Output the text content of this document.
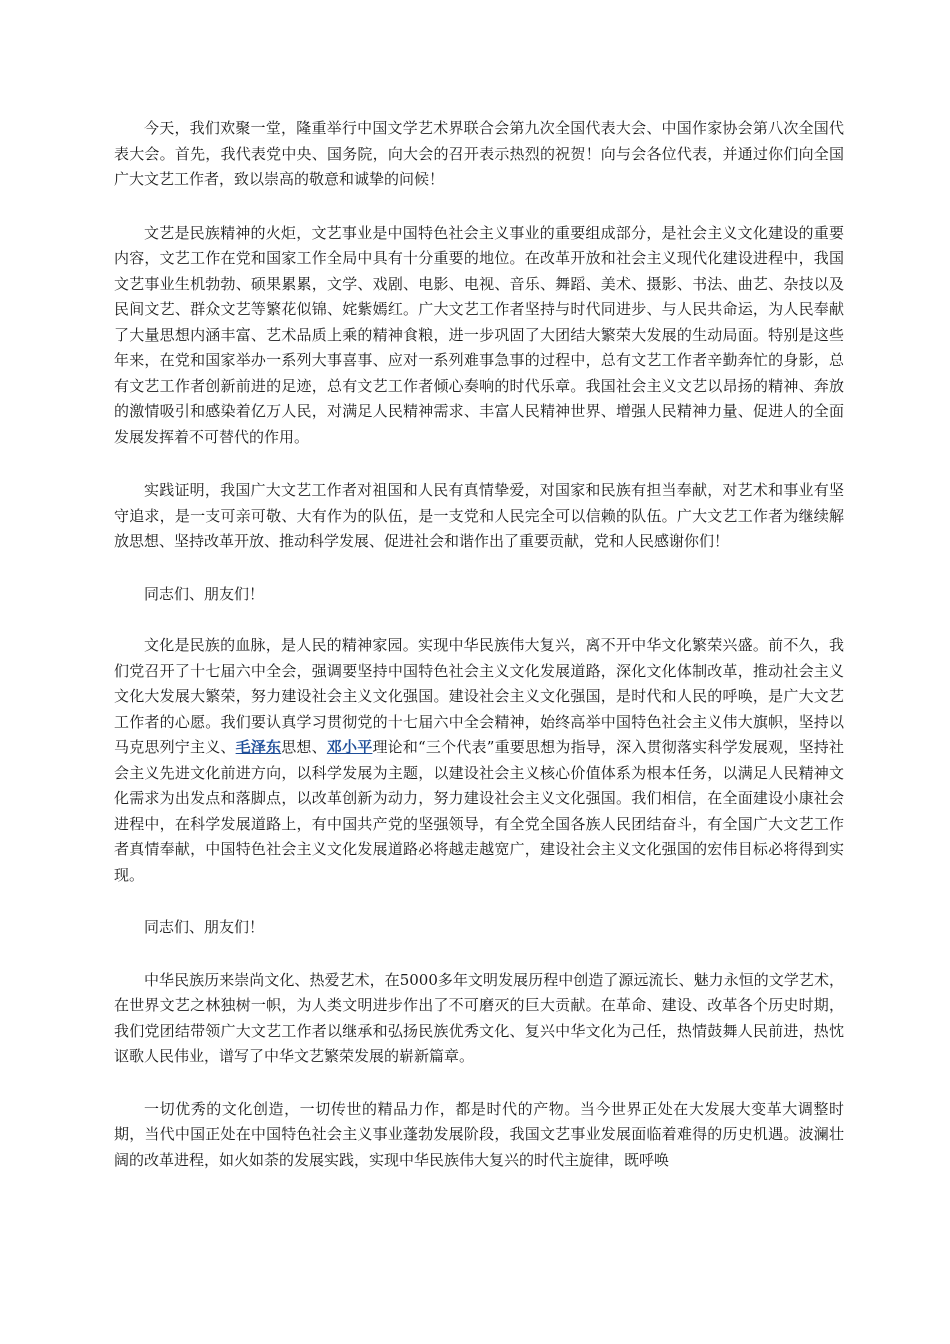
今天，我们欢聚一堂，隆重举行中国文学艺术界联合会第九次全国代表大会、中国作家协会第八次全国代表大会。首先，我代表党中央、国务院，向大会的召开表示热烈的祝贺！向与会各位代表，并通过你们向全国广大文艺工作者，致以崇高的敬意和诚挚的问候！

文艺是民族精神的火炬，文艺事业是中国特色社会主义事业的重要组成部分，是社会主义文化建设的重要内容，文艺工作在党和国家工作全局中具有十分重要的地位。在改革开放和社会主义现代化建设进程中，我国文艺事业生机勃勃、硕果累累，文学、戏剧、电影、电视、音乐、舞蹈、美术、摄影、书法、曲艺、杂技以及民间文艺、群众文艺等繁花似锦、姹紫嫣红。广大文艺工作者坚持与时代同进步、与人民共命运，为人民奉献了大量思想内涵丰富、艺术品质上乘的精神食粮，进一步巩固了大团结大繁荣大发展的生动局面。特别是这些年来，在党和国家举办一系列大事喜事、应对一系列难事急事的过程中，总有文艺工作者辛勤奔忙的身影，总有文艺工作者创新前进的足迹，总有文艺工作者倾心奏响的时代乐章。我国社会主义文艺以昂扬的精神、奔放的激情吸引和感染着亿万人民，对满足人民精神需求、丰富人民精神世界、增强人民精神力量、促进人的全面发展发挥着不可替代的作用。

实践证明，我国广大文艺工作者对祖国和人民有真情挚爱，对国家和民族有担当奉献，对艺术和事业有坚守追求，是一支可亲可敬、大有作为的队伍，是一支党和人民完全可以信赖的队伍。广大文艺工作者为继续解放思想、坚持改革开放、推动科学发展、促进社会和谐作出了重要贡献，党和人民感谢你们！

同志们、朋友们！

文化是民族的血脉，是人民的精神家园。实现中华民族伟大复兴，离不开中华文化繁荣兴盛。前不久，我们党召开了十七届六中全会，强调要坚持中国特色社会主义文化发展道路，深化文化体制改革，推动社会主义文化大发展大繁荣，努力建设社会主义文化强国。建设社会主义文化强国，是时代和人民的呼唤，是广大文艺工作者的心愿。我们要认真学习贯彻党的十七届六中全会精神，始终高举中国特色社会主义伟大旗帜，坚持以马克思列宁主义、毛泽东思想、邓小平理论和“三个代表”重要思想为指导，深入贯彻落实科学发展观，坚持社会主义先进文化前进方向，以科学发展为主题，以建设社会主义核心价值体系为根本任务，以满足人民精神文化需求为出发点和落脚点，以改革创新为动力，努力建设社会主义文化强国。我们相信，在全面建设小康社会进程中，在科学发展道路上，有中国共产党的坚强领导，有全党全国各族人民团结奋斗，有全国广大文艺工作者真情奉献，中国特色社会主义文化发展道路必将越走越宽广，建设社会主义文化强国的宏伟目标必将得到实现。

同志们、朋友们！

中华民族历来崇尚文化、热爱艺术，在5000多年文明发展历程中创造了源远流长、魅力永恒的文学艺术，在世界文艺之林独树一帜，为人类文明进步作出了不可磨灭的巨大贡献。在革命、建设、改革各个历史时期，我们党团结带领广大文艺工作者以继承和弘扬民族优秀文化、复兴中华文化为己任，热情鼓舞人民前进，热忱讴歌人民伟业，谱写了中华文艺繁荣发展的崭新篇章。

一切优秀的文化创造，一切传世的精品力作，都是时代的产物。当今世界正处在大发展大变革大调整时期，当代中国正处在中国特色社会主义事业蓬勃发展阶段，我国文艺事业发展面临着难得的历史机遇。波澜壮阔的改革进程，如火如荼的发展实践，实现中华民族伟大复兴的时代主旋律，既呼唤
